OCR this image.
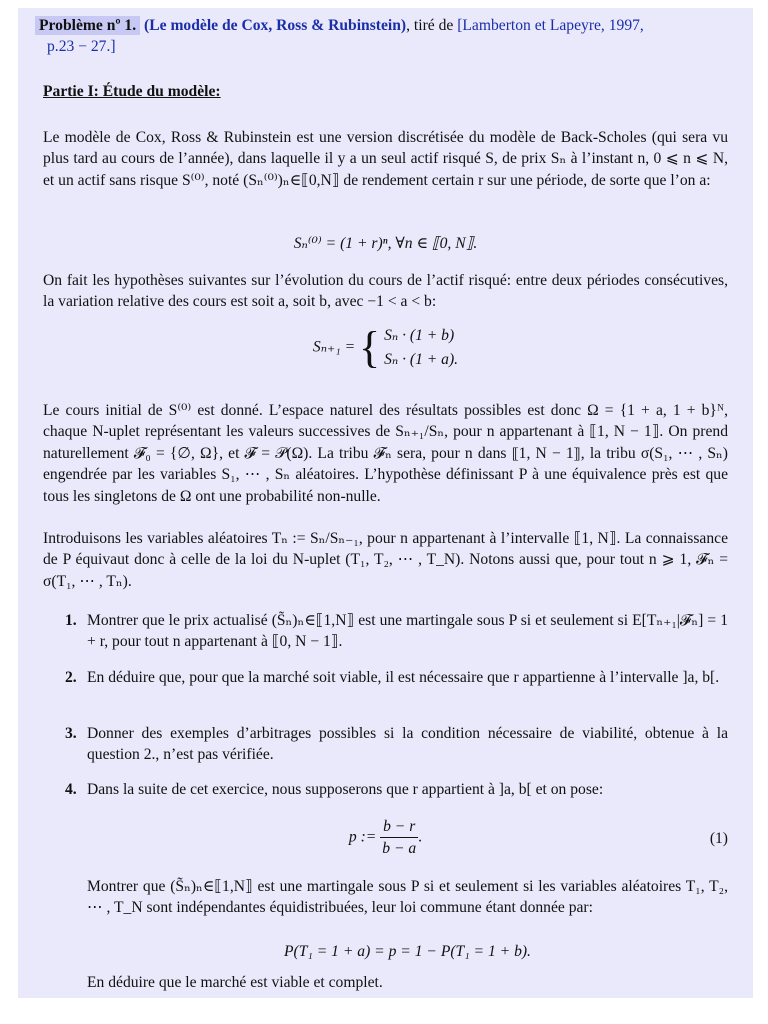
Problème nº 1. (Le modèle de Cox, Ross & Rubinstein), tiré de [Lamberton et Lapeyre, 1997,
p.23 − 27.]
Partie I: Étude du modèle:

Le modèle de Cox, Ross & Rubinstein est une version discrétisée du modèle de Back-Scholes (qui sera vu plus tard au cours de l’année), dans laquelle il y a un seul actif risqué S, de prix Sₙ à l’instant n, 0 ⩽ n ⩽ N, et un actif sans risque S⁽⁰⁾, noté (Sₙ⁽⁰⁾)ₙ∈⟦0,N⟧ de rendement certain r sur une période, de sorte que l’on a:

Sₙ⁽⁰⁾ = (1 + r)ⁿ, ∀n ∈ ⟦0, N⟧.

On fait les hypothèses suivantes sur l’évolution du cours de l’actif risqué: entre deux périodes consécutives, la variation relative des cours est soit a, soit b, avec −1 < a < b:

Sₙ₊₁ = { Sₙ · (1 + b)
Sₙ · (1 + a).

Le cours initial de S⁽⁰⁾ est donné. L’espace naturel des résultats possibles est donc Ω = {1 + a, 1 + b}ᴺ, chaque N-uplet représentant les valeurs successives de Sₙ₊₁/Sₙ, pour n appartenant à ⟦1, N − 1⟧. On prend naturellement 𝓕₀ = {∅, Ω}, et 𝓕 = 𝒫(Ω). La tribu 𝓕ₙ sera, pour n dans ⟦1, N − 1⟧, la tribu σ(S₁, ⋯ , Sₙ) engendrée par les variables S₁, ⋯ , Sₙ aléatoires. L’hypothèse définissant P à une équivalence près est que tous les singletons de Ω ont une probabilité non-nulle.

Introduisons les variables aléatoires Tₙ := Sₙ/Sₙ₋₁, pour n appartenant à l’intervalle ⟦1, N⟧. La connaissance de P équivaut donc à celle de la loi du N-uplet (T₁, T₂, ⋯ , T_N). Notons aussi que, pour tout n ⩾ 1, 𝓕ₙ = σ(T₁, ⋯ , Tₙ).

1. Montrer que le prix actualisé (S̃ₙ)ₙ∈⟦1,N⟧ est une martingale sous P si et seulement si E[Tₙ₊₁|𝓕ₙ] = 1 + r, pour tout n appartenant à ⟦0, N − 1⟧.

2. En déduire que, pour que la marché soit viable, il est nécessaire que r appartienne à l’intervalle ]a, b[.

3. Donner des exemples d’arbitrages possibles si la condition nécessaire de viabilité, obtenue à la question 2., n’est pas vérifiée.

4. Dans la suite de cet exercice, nous supposerons que r appartient à ]a, b[ et on pose:

p := $\frac{b - r}{b - a}$ .	(1)

Montrer que (S̃ₙ)ₙ∈⟦1,N⟧ est une martingale sous P si et seulement si les variables aléatoires T₁, T₂, ⋯ , T_N sont indépendantes équidistribuées, leur loi commune étant donnée par:

P(T₁ = 1 + a) = p = 1 − P(T₁ = 1 + b).

En déduire que le marché est viable et complet.
